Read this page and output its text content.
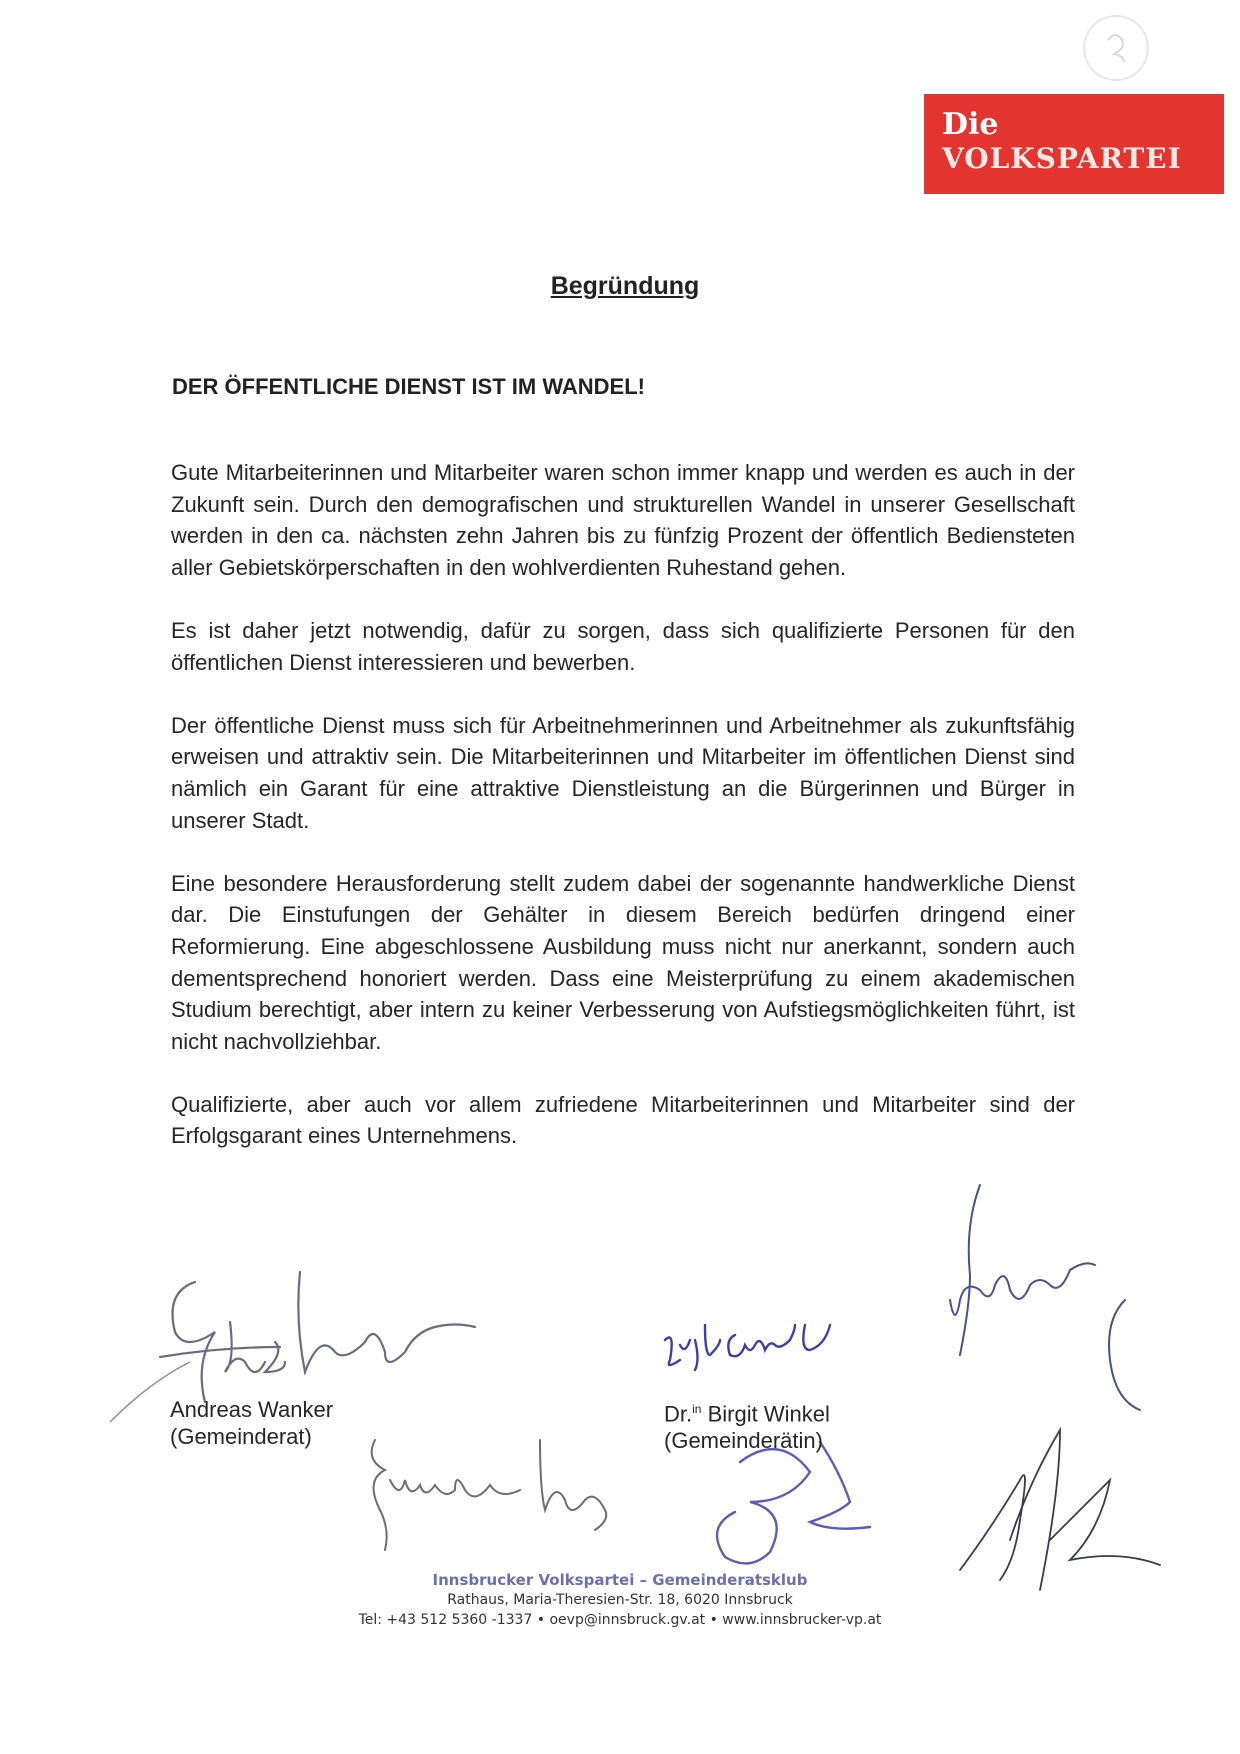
Die
VOLKSPARTEI
Begründung
DER ÖFFENTLICHE DIENST IST IM WANDEL!

Gute Mitarbeiterinnen und Mitarbeiter waren schon immer knapp und werden es auch in der Zukunft sein. Durch den demografischen und strukturellen Wandel in unserer Gesellschaft werden in den ca. nächsten zehn Jahren bis zu fünfzig Prozent der öffentlich Bediensteten aller Gebietskörperschaften in den wohlverdienten Ruhestand gehen.

Es ist daher jetzt notwendig, dafür zu sorgen, dass sich qualifizierte Personen für den öffentlichen Dienst interessieren und bewerben.

Der öffentliche Dienst muss sich für Arbeitnehmerinnen und Arbeitnehmer als zukunftsfähig erweisen und attraktiv sein. Die Mitarbeiterinnen und Mitarbeiter im öffentlichen Dienst sind nämlich ein Garant für eine attraktive Dienstleistung an die Bürgerinnen und Bürger in unserer Stadt.

Eine besondere Herausforderung stellt zudem dabei der sogenannte handwerkliche Dienst dar. Die Einstufungen der Gehälter in diesem Bereich bedürfen dringend einer Reformierung. Eine abgeschlossene Ausbildung muss nicht nur anerkannt, sondern auch dementsprechend honoriert werden. Dass eine Meisterprüfung zu einem akademischen Studium berechtigt, aber intern zu keiner Verbesserung von Aufstiegsmöglichkeiten führt, ist nicht nachvollziehbar.

Qualifizierte, aber auch vor allem zufriedene Mitarbeiterinnen und Mitarbeiter sind der Erfolgsgarant eines Unternehmens.

Andreas Wanker
(Gemeinderat)
Dr.$^{in}$ Birgit Winkel
(Gemeinderätin)
Innsbrucker Volkspartei – Gemeinderatsklub
Rathaus, Maria-Theresien-Str. 18, 6020 Innsbruck
Tel: +43 512 5360 -1337 • oevp@innsbruck.gv.at • www.innsbrucker-vp.at
